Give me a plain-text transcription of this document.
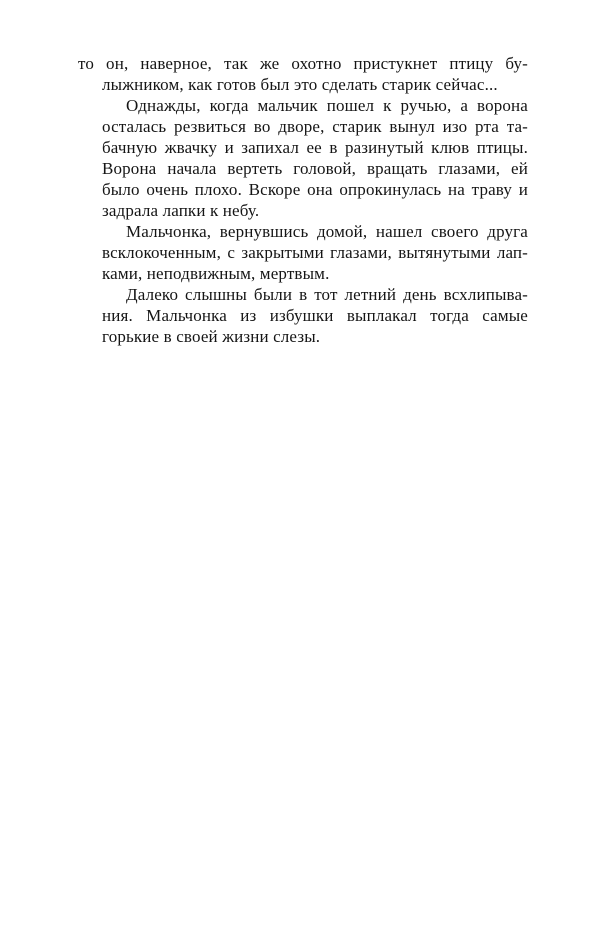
то он, наверное, так же охотно пристукнет птицу бу-
лыжником, как готов был это сделать старик сейчас...
Однажды, когда мальчик пошел к ручью, а ворона
осталась резвиться во дворе, старик вынул изо рта та-
бачную жвачку и запихал ее в разинутый клюв птицы.
Ворона начала вертеть головой, вращать глазами, ей
было очень плохо. Вскоре она опрокинулась на траву и
задрала лапки к небу.
Мальчонка, вернувшись домой, нашел своего друга
всклокоченным, с закрытыми глазами, вытянутыми лап-
ками, неподвижным, мертвым.
Далеко слышны были в тот летний день всхлипыва-
ния. Мальчонка из избушки выплакал тогда самые
горькие в своей жизни слезы.
